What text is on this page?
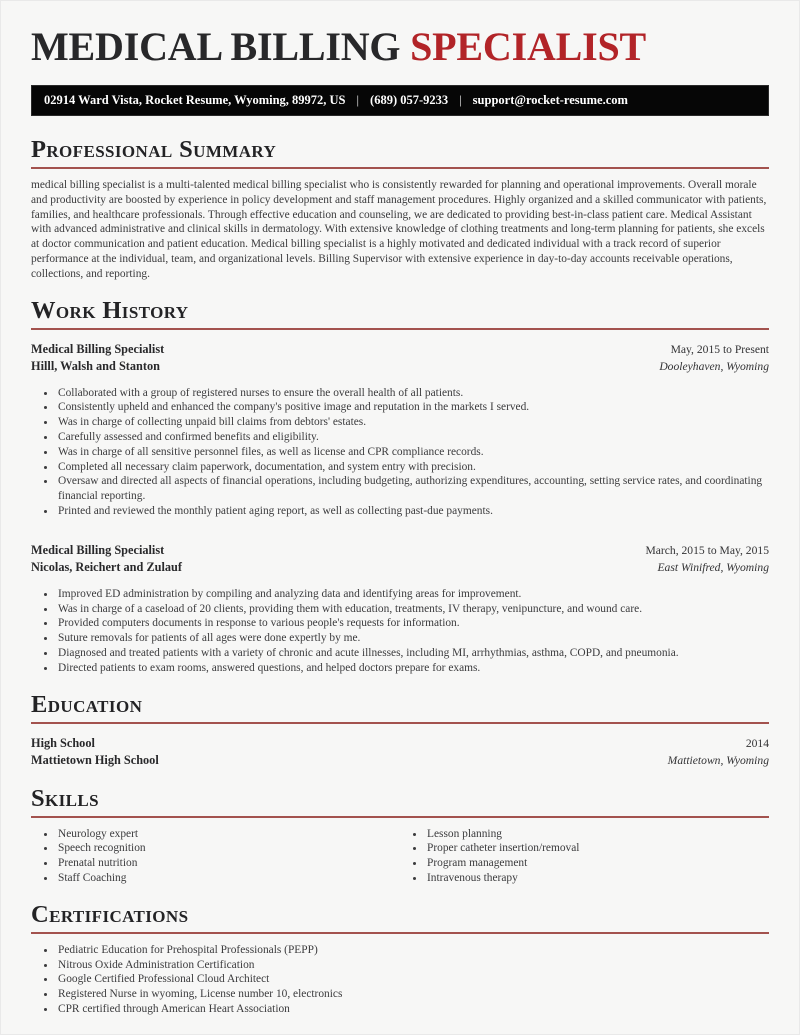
MEDICAL BILLING SPECIALIST
02914 Ward Vista, Rocket Resume, Wyoming, 89972, US | (689) 057-9233 | support@rocket-resume.com
Professional Summary

medical billing specialist is a multi-talented medical billing specialist who is consistently rewarded for planning and operational improvements. Overall morale and productivity are boosted by experience in policy development and staff management procedures. Highly organized and a skilled communicator with patients, families, and healthcare professionals. Through effective education and counseling, we are dedicated to providing best-in-class patient care. Medical Assistant with advanced administrative and clinical skills in dermatology. With extensive knowledge of clothing treatments and long-term planning for patients, she excels at doctor communication and patient education. Medical billing specialist is a highly motivated and dedicated individual with a track record of superior performance at the individual, team, and organizational levels. Billing Supervisor with extensive experience in day-to-day accounts receivable operations, collections, and reporting.

Work History
Medical Billing Specialist	May, 2015 to Present
Hilll, Walsh and Stanton	Dooleyhaven, Wyoming
• Collaborated with a group of registered nurses to ensure the overall health of all patients.
• Consistently upheld and enhanced the company's positive image and reputation in the markets I served.
• Was in charge of collecting unpaid bill claims from debtors' estates.
• Carefully assessed and confirmed benefits and eligibility.
• Was in charge of all sensitive personnel files, as well as license and CPR compliance records.
• Completed all necessary claim paperwork, documentation, and system entry with precision.
• Oversaw and directed all aspects of financial operations, including budgeting, authorizing expenditures, accounting, setting service rates, and coordinating financial reporting.
• Printed and reviewed the monthly patient aging report, as well as collecting past-due payments.
Medical Billing Specialist	March, 2015 to May, 2015
Nicolas, Reichert and Zulauf	East Winifred, Wyoming
• Improved ED administration by compiling and analyzing data and identifying areas for improvement.
• Was in charge of a caseload of 20 clients, providing them with education, treatments, IV therapy, venipuncture, and wound care.
• Provided computers documents in response to various people's requests for information.
• Suture removals for patients of all ages were done expertly by me.
• Diagnosed and treated patients with a variety of chronic and acute illnesses, including MI, arrhythmias, asthma, COPD, and pneumonia.
• Directed patients to exam rooms, answered questions, and helped doctors prepare for exams.
Education
High School	2014
Mattietown High School	Mattietown, Wyoming
Skills
• Neurology expert
• Speech recognition
• Prenatal nutrition
• Staff Coaching
• Lesson planning
• Proper catheter insertion/removal
• Program management
• Intravenous therapy
Certifications
• Pediatric Education for Prehospital Professionals (PEPP)
• Nitrous Oxide Administration Certification
• Google Certified Professional Cloud Architect
• Registered Nurse in wyoming, License number 10, electronics
• CPR certified through American Heart Association
